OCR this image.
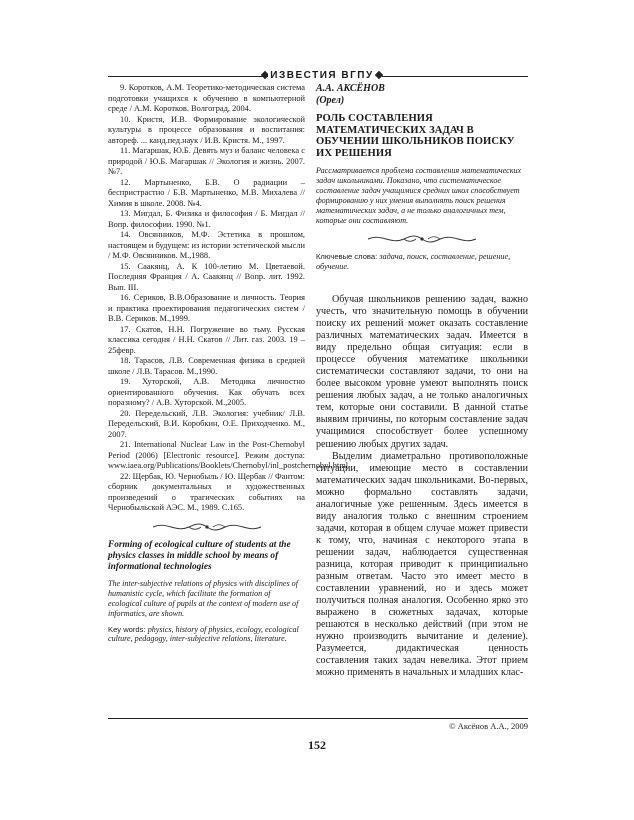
ИЗВЕСТИЯ ВГПУ

9. Коротков, А.М. Теоретико-методическая система подготовки учащихся к обучению в компьютерной среде / А.М. Коротков. Волгоград, 2004.

10. Кристя, И.В. Формирование экологической культуры в процессе образования и воспитания: автореф. ... канд.пед.наук / И.В. Кристя. М., 1997.

11. Магаршак, Ю.Б. Девять муз и баланс человека с природой / Ю.Б. Магаршак // Экология и жизнь. 2007. №7.

12. Мартыненко, Б.В. О радиации – беспристрастно / Б.В. Мартыненко, М.В. Михалева // Химия в школе. 2008. №4.

13. Мигдал, Б. Физика и философия / Б. Мигдал // Вопр. философии. 1990. №1.

14. Овсянников, М.Ф. Эстетика в прошлом, настоящем и будущем: из истории эстетической мысли / М.Ф. Овсянников. М.,1988.

15. Саакянц, А. К 100-летию М. Цветаевой. Последняя Франция / А. Саакянц // Вопр. лит. 1992. Вып. III.

16. Сериков, В.В.Образование и личность. Теория и практика проектирования педагогических систем / В.В. Сериков. М.,1999.

17. Скатов, Н.Н. Погружение во тьму. Русская классика сегодня / Н.Н. Скатов // Лит. газ. 2003. 19 – 25февр.

18. Тарасов, Л.В. Современная физика в средней школе / Л.В. Тарасов. М.,1990.

19. Хуторской, А.В. Методика личностно ориентированного обучения. Как обучать всех поразному? / А.В. Хуторской. М.,2005.

20. Передельский, Л.В. Экология: учебник/ Л.В. Передельский, В.И. Коробкин, О.Е. Приходченко. М., 2007.

21. International Nuclear Law in the Post-Chernobyl Period (2006) [Electronic resource]. Режим доступа: www.iaea.org/Publications/Booklets/Chernobyl/inl_postchernobyl.html

22. Щербак, Ю. Чернобыль / Ю. Щербак // Фантом: сборник документальных и художественных произведений о трагических событиях на Чернобыльской АЭС. М., 1989. С.165.

Forming of ecological culture of students at the physics classes in middle school by means of informational technologies

The inter-subjective relations of physics with disciplines of humanistic cycle, which facilitate the formation of ecological culture of pupils at the context of modern use of informatics, are shown.

Key words: physics, history of physics, ecology, ecological culture, pedagogy, inter-subjective relations, literature.

А.А. АКСЁНОВ

(Орел)

РОЛЬ СОСТАВЛЕНИЯ МАТЕМАТИЧЕСКИХ ЗАДАЧ В ОБУЧЕНИИ ШКОЛЬНИКОВ ПОИСКУ ИХ РЕШЕНИЯ

Рассматривается проблема составления математических задач школьниками. Показано, что систематическое составление задач учащимися средних школ способствует формированию у них умения выполнять поиск решения математических задач, а не только аналогичных тем, которые они составляют.

Ключевые слова: задача, поиск, составление, решение, обучение.

Обучая школьников решению задач, важно учесть, что значительную помощь в обучении поиску их решений может оказать составление различных математических задач. Имеется в виду предельно общая ситуация: если в процессе обучения математике школьники систематически составляют задачи, то они на более высоком уровне умеют выполнять поиск решения любых задач, а не только аналогичных тем, которые они составили. В данной статье выявим причины, по которым составление задач учащимися способствует более успешному решению любых других задач.

Выделим диаметрально противоположные ситуации, имеющие место в составлении математических задач школьниками. Во-первых, можно формально составлять задачи, аналогичные уже решенным. Здесь имеется в виду аналогия только с внешним строением задачи, которая в общем случае может привести к тому, что, начиная с некоторого этапа в решении задач, наблюдается существенная разница, которая приводит к принципиально разным ответам. Часто это имеет место в составлении уравнений, но и здесь может получиться полная аналогия. Особенно ярко это выражено в сюжетных задачах, которые решаются в несколько действий (при этом не нужно производить вычитание и деление). Разумеется, дидактическая ценность составления таких задач невелика. Этот прием можно применять в начальных и младших клас-

© Аксёнов А.А., 2009
152
